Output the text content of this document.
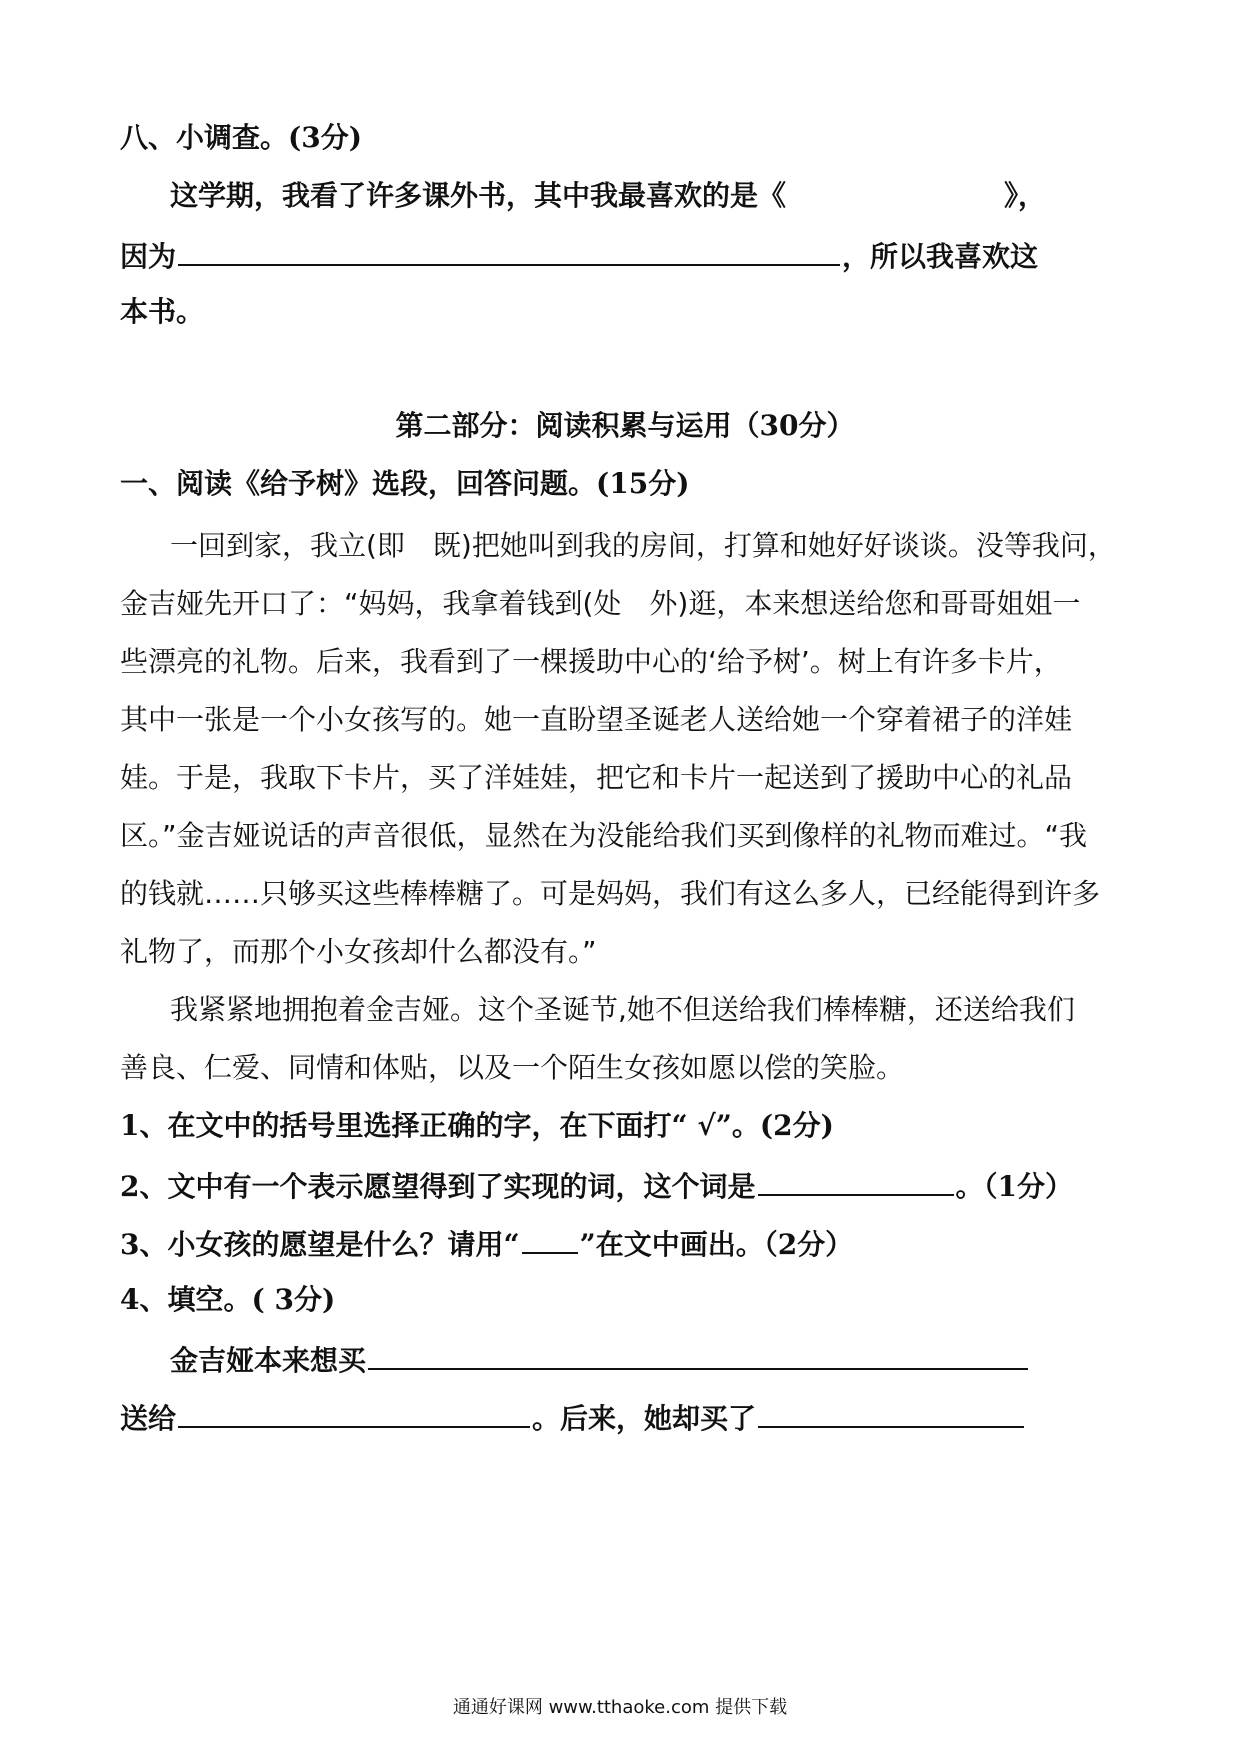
八、小调查。(3分)
这学期，我看了许多课外书，其中我最喜欢的是《	》，
因为	，所以我喜欢这
本书。
第二部分：阅读积累与运用（30分）
一、阅读《给予树》选段，回答问题。(15分)
一回到家，我立(即　既)把她叫到我的房间，打算和她好好谈谈。没等我问，
金吉娅先开口了：“妈妈，我拿着钱到(处　外)逛，本来想送给您和哥哥姐姐一
些漂亮的礼物。后来，我看到了一棵援助中心的‘给予树’。树上有许多卡片，
其中一张是一个小女孩写的。她一直盼望圣诞老人送给她一个穿着裙子的洋娃
娃。于是，我取下卡片，买了洋娃娃，把它和卡片一起送到了援助中心的礼品
区。”金吉娅说话的声音很低，显然在为没能给我们买到像样的礼物而难过。“我
的钱就……只够买这些棒棒糖了。可是妈妈，我们有这么多人，已经能得到许多
礼物了，而那个小女孩却什么都没有。”
我紧紧地拥抱着金吉娅。这个圣诞节,她不但送给我们棒棒糖，还送给我们
善良、仁爱、同情和体贴，以及一个陌生女孩如愿以偿的笑脸。
1、在文中的括号里选择正确的字，在下面打“ √”。(2分)
2、文中有一个表示愿望得到了实现的词，这个词是	。（1分）
3、小女孩的愿望是什么？请用“ ”在文中画出。（2分）
4、填空。( 3分)
金吉娅本来想买
送给	。后来，她却买了
通通好课网 www.tthaoke.com 提供下载
